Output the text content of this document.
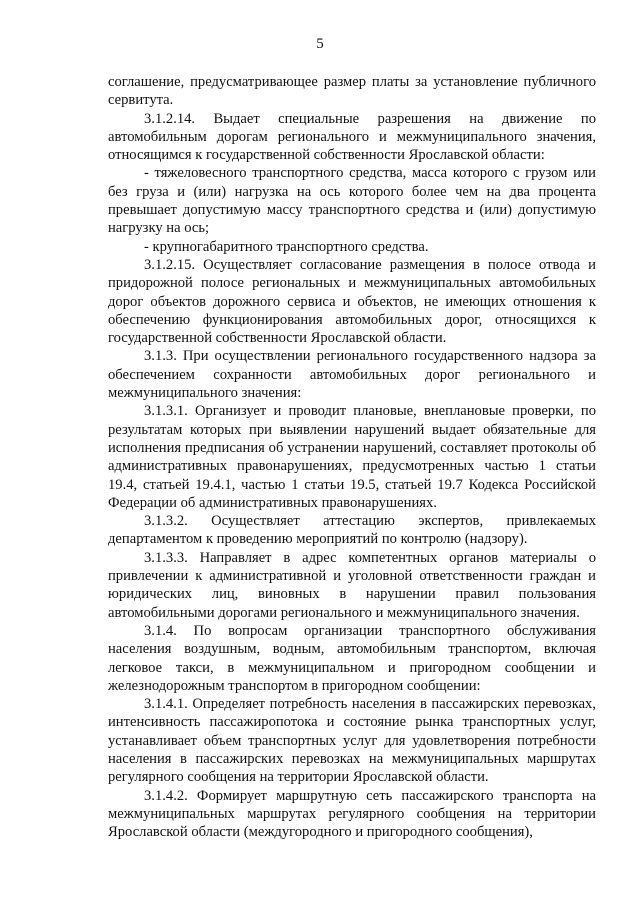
5

соглашение, предусматривающее размер платы за установление публичного сервитута.

3.1.2.14. Выдает специальные разрешения на движение по автомобильным дорогам регионального и межмуниципального значения, относящимся к государственной собственности Ярославской области:

- тяжеловесного транспортного средства, масса которого с грузом или без груза и (или) нагрузка на ось которого более чем на два процента превышает допустимую массу транспортного средства и (или) допустимую нагрузку на ось;

- крупногабаритного транспортного средства.

3.1.2.15. Осуществляет согласование размещения в полосе отвода и придорожной полосе региональных и межмуниципальных автомобильных дорог объектов дорожного сервиса и объектов, не имеющих отношения к обеспечению функционирования автомобильных дорог, относящихся к государственной собственности Ярославской области.

3.1.3. При осуществлении регионального государственного надзора за обеспечением сохранности автомобильных дорог регионального и межмуниципального значения:

3.1.3.1. Организует и проводит плановые, внеплановые проверки, по результатам которых при выявлении нарушений выдает обязательные для исполнения предписания об устранении нарушений, составляет протоколы об административных правонарушениях, предусмотренных частью 1 статьи 19.4, статьей 19.4.1, частью 1 статьи 19.5, статьей 19.7 Кодекса Российской Федерации об административных правонарушениях.

3.1.3.2. Осуществляет аттестацию экспертов, привлекаемых департаментом к проведению мероприятий по контролю (надзору).

3.1.3.3. Направляет в адрес компетентных органов материалы о привлечении к административной и уголовной ответственности граждан и юридических лиц, виновных в нарушении правил пользования автомобильными дорогами регионального и межмуниципального значения.

3.1.4. По вопросам организации транспортного обслуживания населения воздушным, водным, автомобильным транспортом, включая легковое такси, в межмуниципальном и пригородном сообщении и железнодорожным транспортом в пригородном сообщении:

3.1.4.1. Определяет потребность населения в пассажирских перевозках, интенсивность пассажиропотока и состояние рынка транспортных услуг, устанавливает объем транспортных услуг для удовлетворения потребности населения в пассажирских перевозках на межмуниципальных маршрутах регулярного сообщения на территории Ярославской области.

3.1.4.2. Формирует маршрутную сеть пассажирского транспорта на межмуниципальных маршрутах регулярного сообщения на территории Ярославской области (междугородного и пригородного сообщения),
